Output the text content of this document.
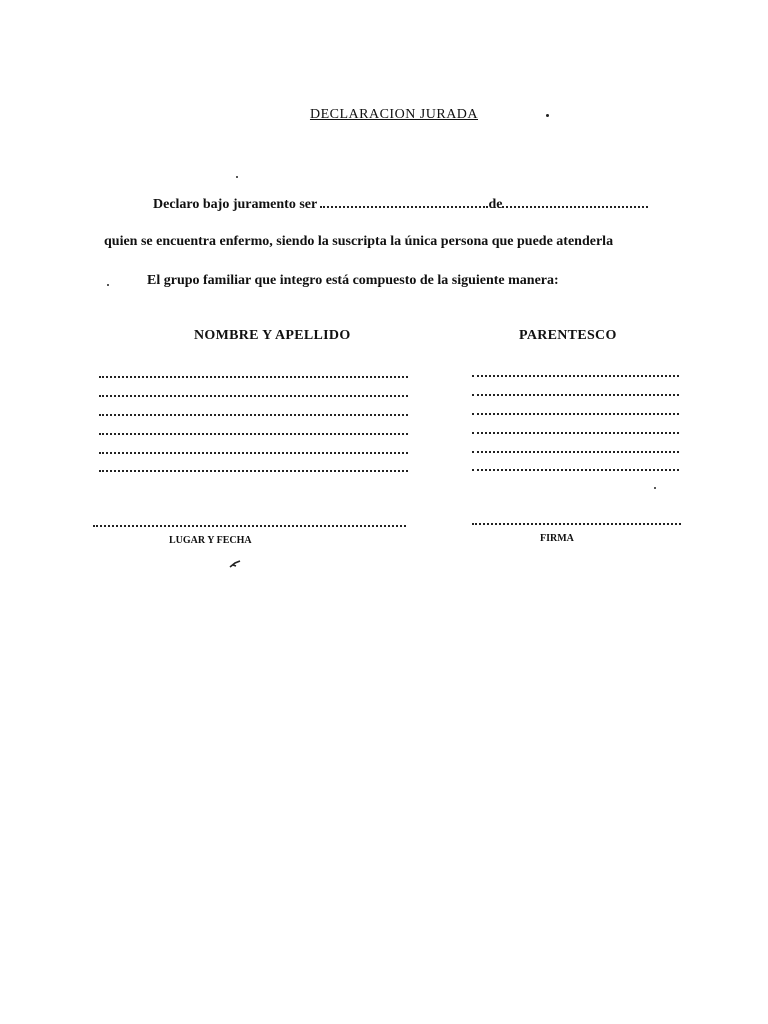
DECLARACION JURADA
Declaro bajo juramento ser	de
quien se encuentra enfermo, siendo la suscripta la única persona que puede atenderla
El grupo familiar que integro está compuesto de la siguiente manera:
NOMBRE Y APELLIDO	PARENTESCO
LUGAR Y FECHA	FIRMA
